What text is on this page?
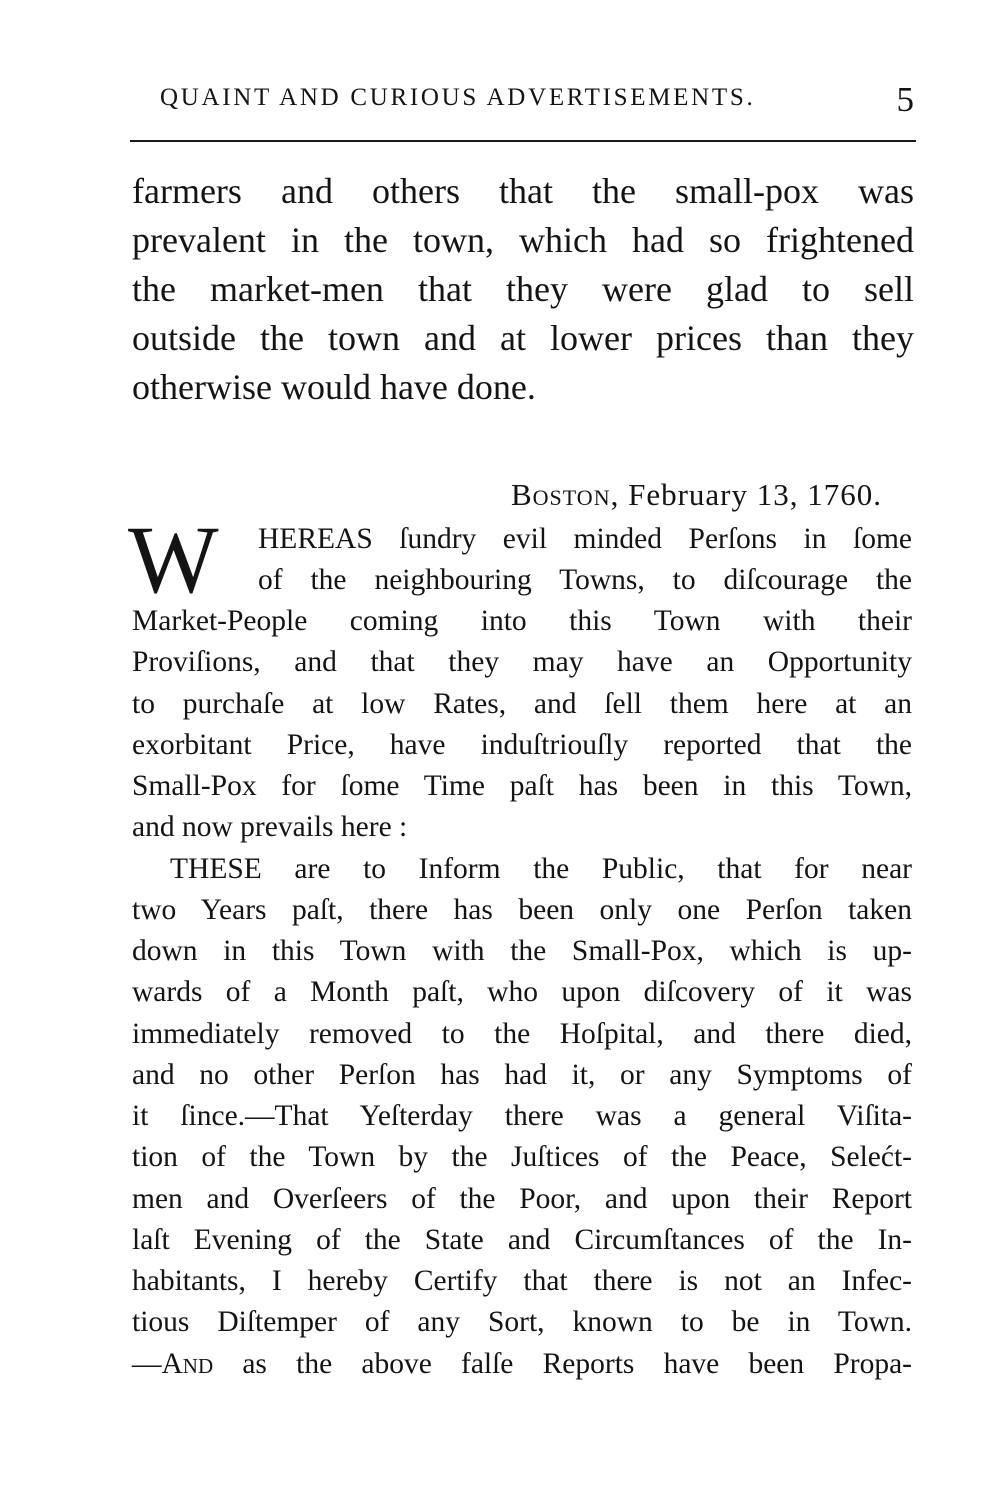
QUAINT AND CURIOUS ADVERTISEMENTS.	5
farmers and others that the small-pox was
prevalent in the town, which had so frightened
the market-men that they were glad to sell
outside the town and at lower prices than they
otherwise would have done.
Boston, February 13, 1760.
W HEREAS ſundry evil minded Perſons in ſome
of the neighbouring Towns, to diſcourage the
Market-People coming into this Town with their
Proviſions, and that they may have an Opportunity
to purchaſe at low Rates, and ſell them here at an
exorbitant Price, have induſtriouſly reported that the
Small-Pox for ſome Time paſt has been in this Town,
and now prevails here :
THESE are to Inform the Public, that for near
two Years paſt, there has been only one Perſon taken
down in this Town with the Small-Pox, which is up-
wards of a Month paſt, who upon diſcovery of it was
immediately removed to the Hoſpital, and there died,
and no other Perſon has had it, or any Symptoms of
it ſince.—That Yeſterday there was a general Viſita-
tion of the Town by the Juſtices of the Peace, Selećt-
men and Overſeers of the Poor, and upon their Report
laſt Evening of the State and Circumſtances of the In-
habitants, I hereby Certify that there is not an Infec-
tious Diſtemper of any Sort, known to be in Town.
—And as the above falſe Reports have been Propa-
